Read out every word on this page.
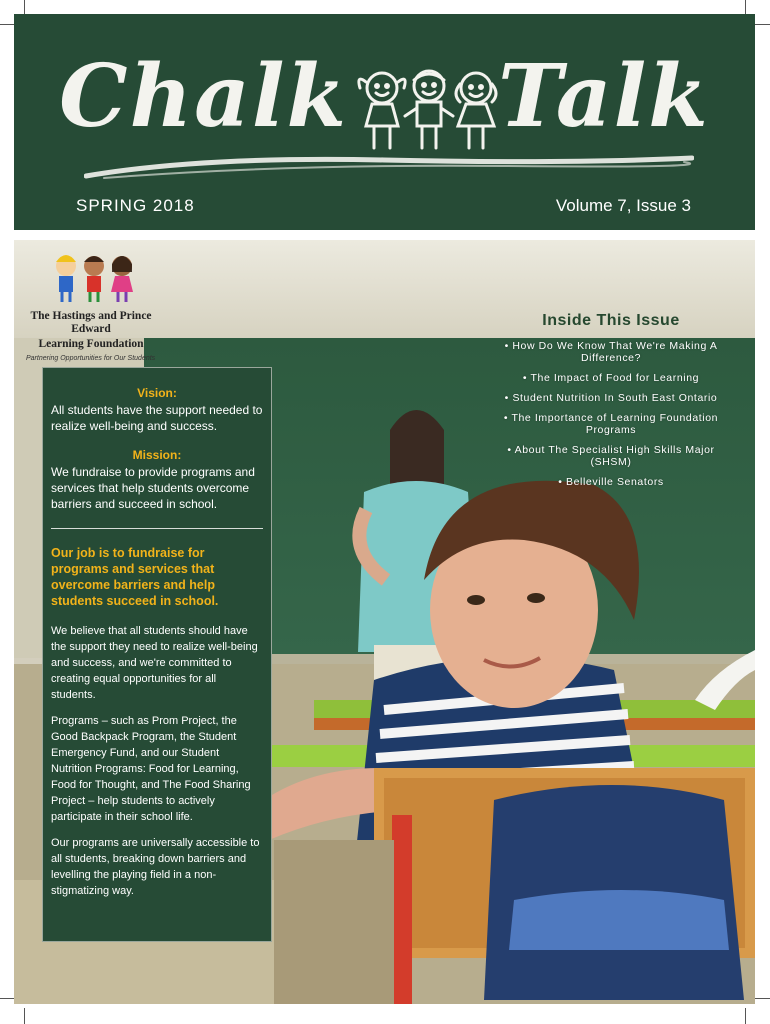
Chalk Talk
SPRING 2018	Volume 7, Issue 3
The Hastings and Prince Edward
Learning Foundation
Partnering Opportunities for Our Students
Inside This Issue
• How Do We Know That We're Making A Difference?
• The Impact of Food for Learning
• Student Nutrition In South East Ontario
• The Importance of Learning Foundation Programs
• About The Specialist High Skills Major (SHSM)
• Belleville Senators

Vision:

All students have the support needed to realize well-being and success.

Mission:

We fundraise to provide programs and services that help students overcome barriers and succeed in school.

Our job is to fundraise for programs and services that overcome barriers and help students succeed in school.

We believe that all students should have the support they need to realize well-being and success, and we're committed to creating equal opportunities for all students.

Programs – such as Prom Project, the Good Backpack Program, the Student Emergency Fund, and our Student Nutrition Programs: Food for Learning, Food for Thought, and The Food Sharing Project – help students to actively participate in their school life.

Our programs are universally accessible to all students, breaking down barriers and levelling the playing field in a non-stigmatizing way.
